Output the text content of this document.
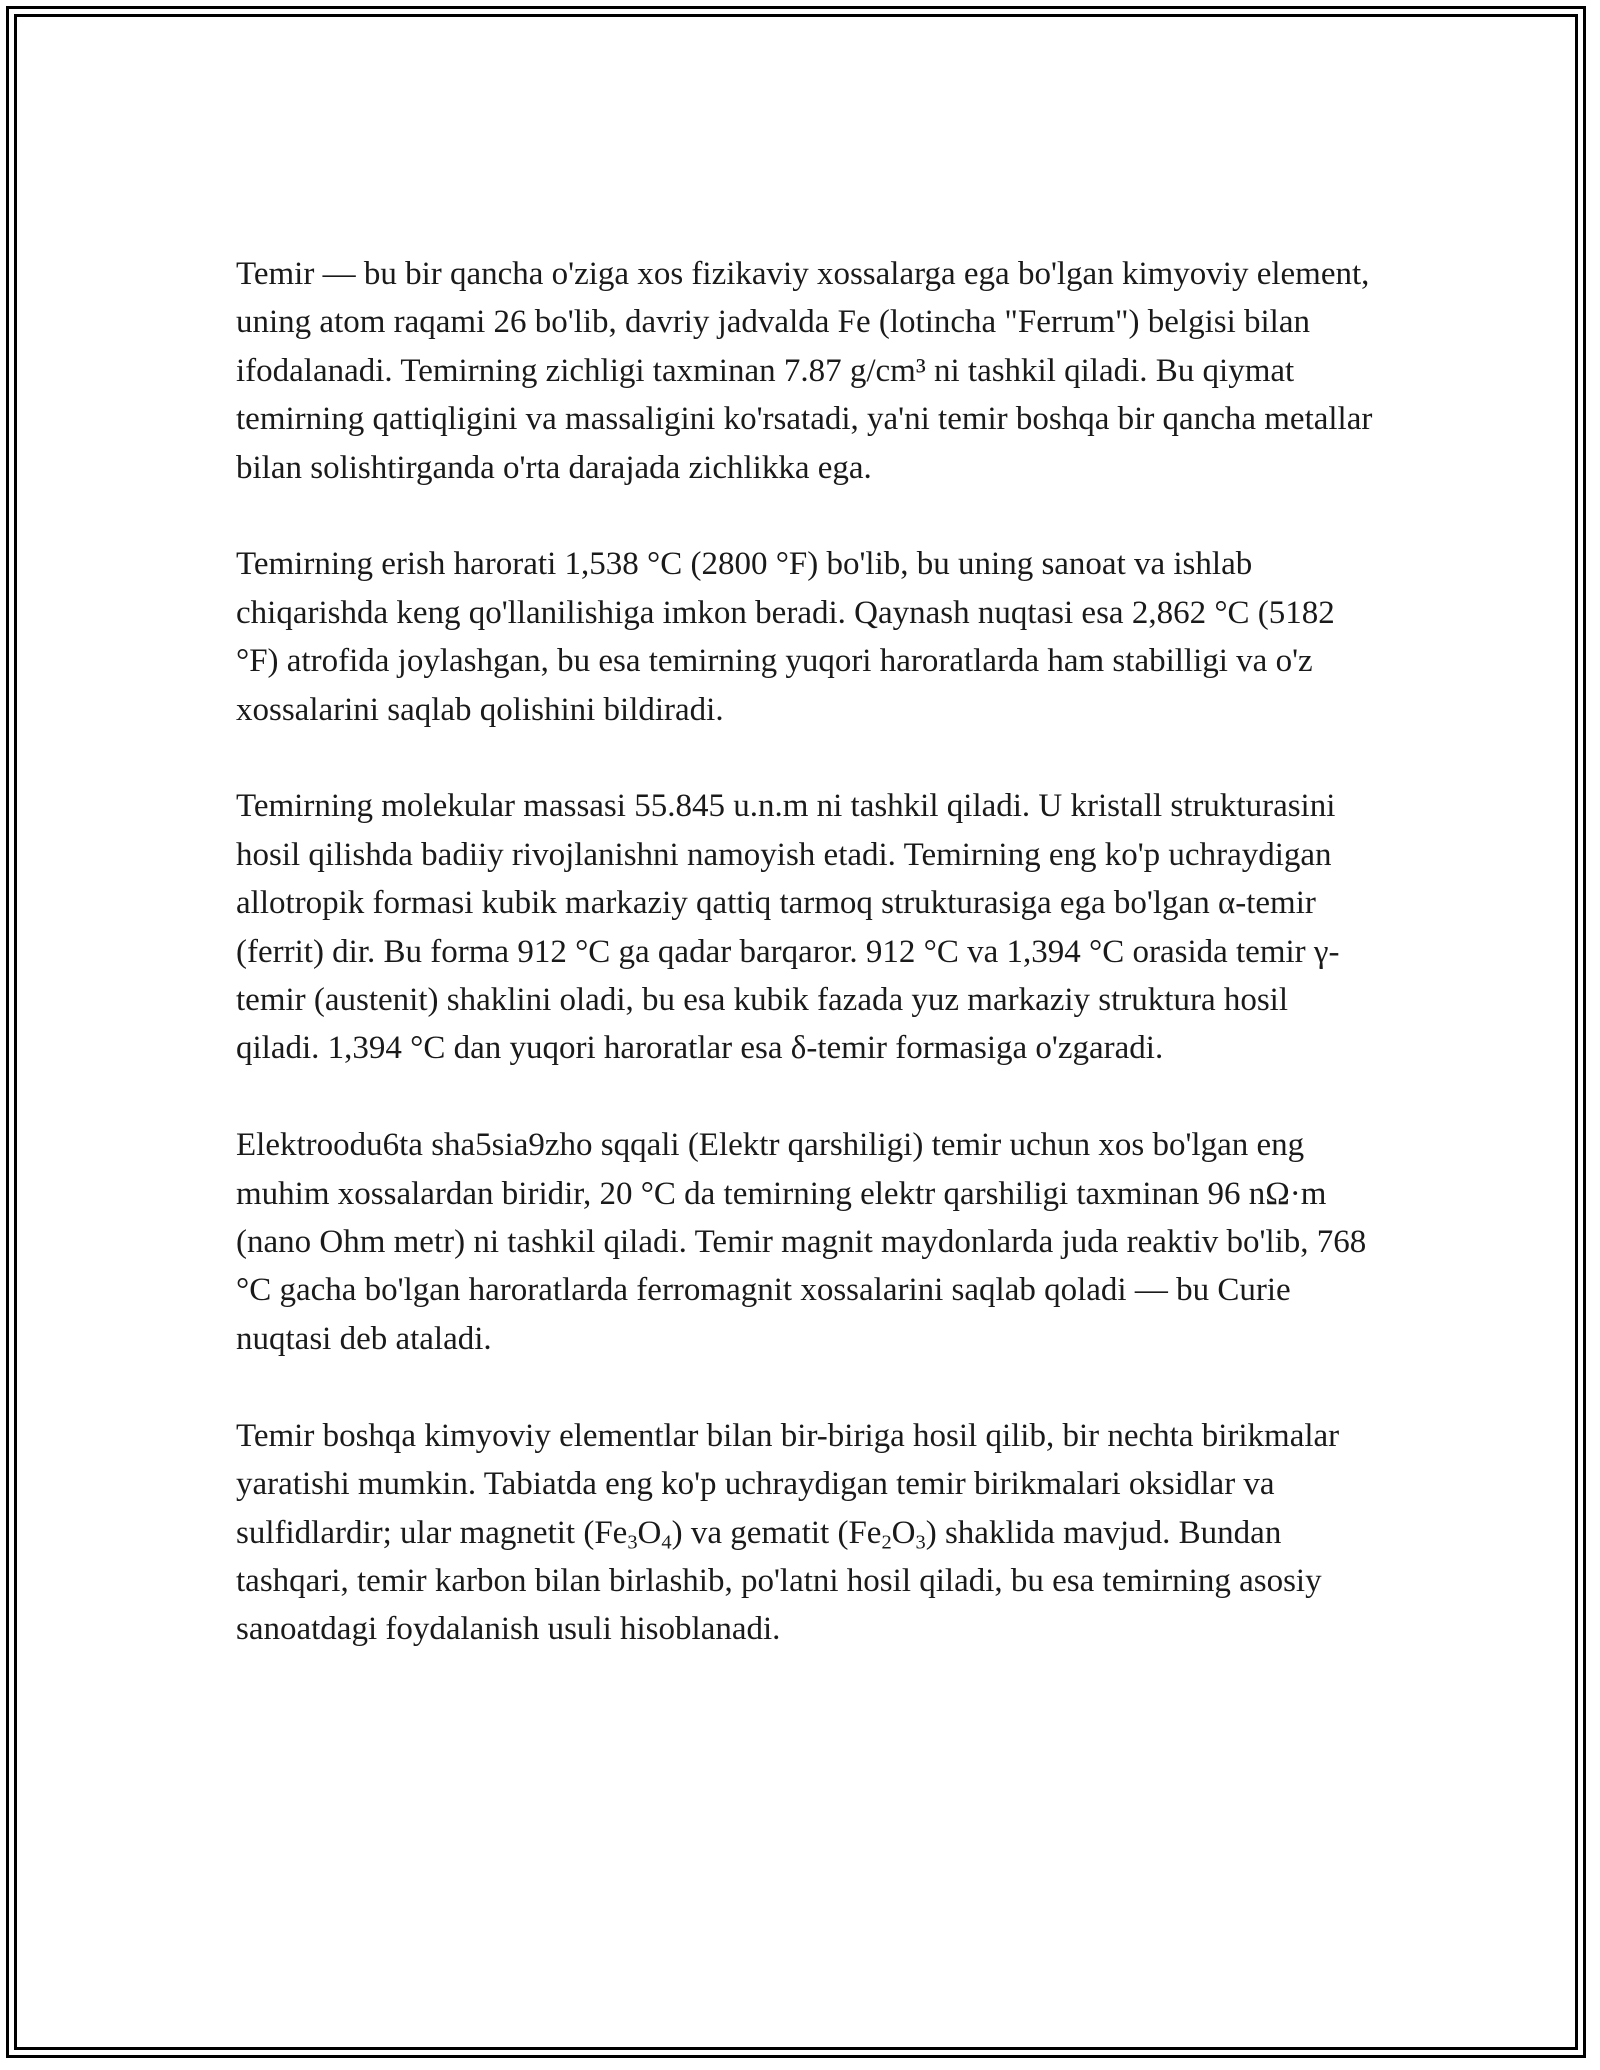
Temir — bu bir qancha o'ziga xos fizikaviy xossalarga ega bo'lgan kimyoviy element, uning atom raqami 26 bo'lib, davriy jadvalda Fe (lotincha "Ferrum") belgisi bilan ifodalanadi. Temirning zichligi taxminan 7.87 g/cm³ ni tashkil qiladi. Bu qiymat temirning qattiqligini va massaligini ko'rsatadi, ya'ni temir boshqa bir qancha metallar bilan solishtirganda o'rta darajada zichlikka ega.

Temirning erish harorati 1,538 °C (2800 °F) bo'lib, bu uning sanoat va ishlab chiqarishda keng qo'llanilishiga imkon beradi. Qaynash nuqtasi esa 2,862 °C (5182 °F) atrofida joylashgan, bu esa temirning yuqori haroratlarda ham stabilligi va o'z xossalarini saqlab qolishini bildiradi.

Temirning molekular massasi 55.845 u.n.m ni tashkil qiladi. U kristall strukturasini hosil qilishda badiiy rivojlanishni namoyish etadi. Temirning eng ko'p uchraydigan allotropik formasi kubik markaziy qattiq tarmoq strukturasiga ega bo'lgan α-temir (ferrit) dir. Bu forma 912 °C ga qadar barqaror. 912 °C va 1,394 °C orasida temir γ-temir (austenit) shaklini oladi, bu esa kubik fazada yuz markaziy struktura hosil qiladi. 1,394 °C dan yuqori haroratlar esa δ-temir formasiga o'zgaradi.

Elektroodu6ta sha5sia9zho sqqali (Elektr qarshiligi) temir uchun xos bo'lgan eng muhim xossalardan biridir, 20 °C da temirning elektr qarshiligi taxminan 96 nΩ·m (nano Ohm metr) ni tashkil qiladi. Temir magnit maydonlarda juda reaktiv bo'lib, 768 °C gacha bo'lgan haroratlarda ferromagnit xossalarini saqlab qoladi — bu Curie nuqtasi deb ataladi.

Temir boshqa kimyoviy elementlar bilan bir-biriga hosil qilib, bir nechta birikmalar yaratishi mumkin. Tabiatda eng ko'p uchraydigan temir birikmalari oksidlar va sulfidlardir; ular magnetit $(Fe_3O_4)$ va gematit $(Fe_2O_3)$ shaklida mavjud. Bundan tashqari, temir karbon bilan birlashib, po'latni hosil qiladi, bu esa temirning asosiy sanoatdagi foydalanish usuli hisoblanadi.
